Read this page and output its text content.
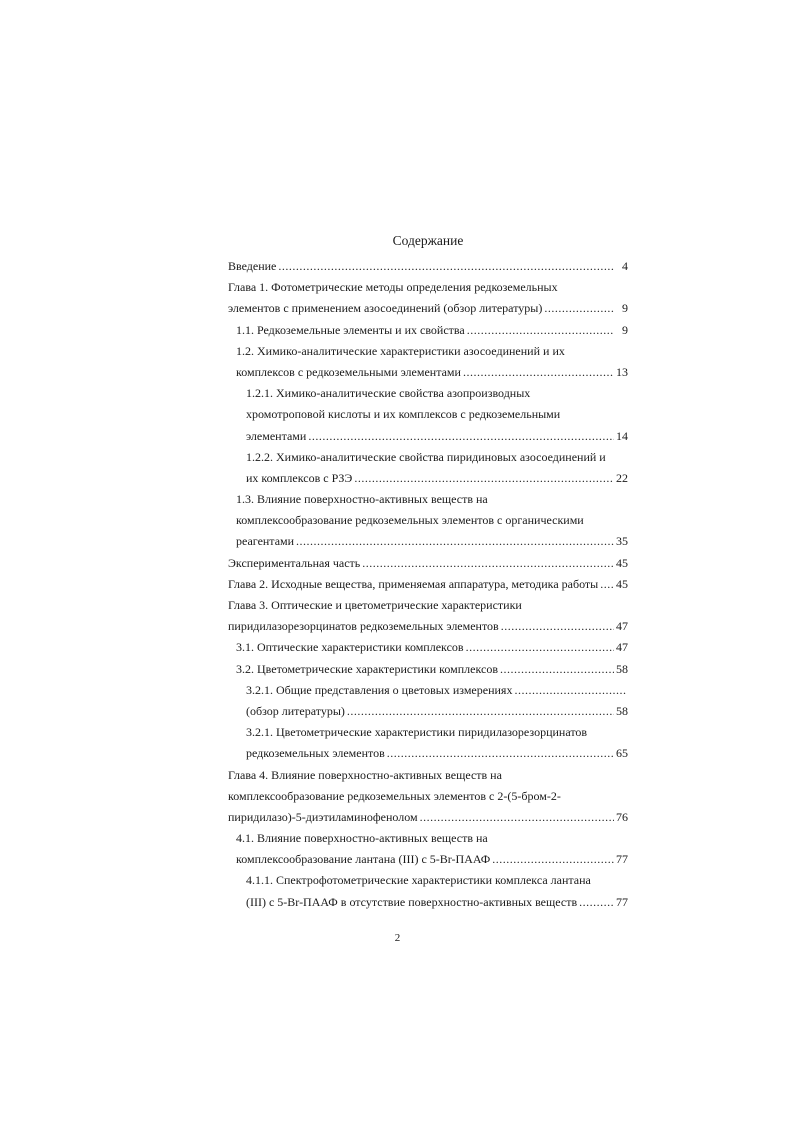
Содержание
Введение .....	4
Глава 1. Фотометрические методы определения редкоземельных
элементов с применением азосоединений (обзор литературы) .....	9
1.1. Редкоземельные элементы и их свойства .....	9
1.2. Химико-аналитические характеристики азосоединений и их
комплексов с редкоземельными элементами .....	13
1.2.1. Химико-аналитические свойства азопроизводных
хромотроповой кислоты и их комплексов с редкоземельными
элементами .....	14
1.2.2. Химико-аналитические свойства пиридиновых азосоединений и
их комплексов с РЗЭ .....	22
1.3. Влияние поверхностно-активных веществ на
комплексообразование редкоземельных элементов с органическими
реагентами .....	35
Экспериментальная часть .....	45
Глава 2. Исходные вещества, применяемая аппаратура, методика работы ..... 45
Глава 3. Оптические и цветометрические характеристики
пиридилазорезорцинатов редкоземельных элементов .....	47
3.1. Оптические характеристики комплексов .....	47
3.2. Цветометрические характеристики комплексов .....	58
3.2.1. Общие представления о цветовых измерениях
.....
(обзор литературы) .....	58
3.2.1. Цветометрические характеристики пиридилазорезорцинатов
редкоземельных элементов .....	65
Глава 4. Влияние поверхностно-активных веществ на
комплексообразование редкоземельных элементов с 2-(5-бром-2-
пиридилазо)-5-диэтиламинофенолом .....	76
4.1. Влияние поверхностно-активных веществ на
комплексообразование лантана (III) с 5-Br-ПААФ .....	77
4.1.1. Спектрофотометрические характеристики комплекса лантана
(III) с 5-Br-ПААФ в отсутствие поверхностно-активных веществ .....	77
2
